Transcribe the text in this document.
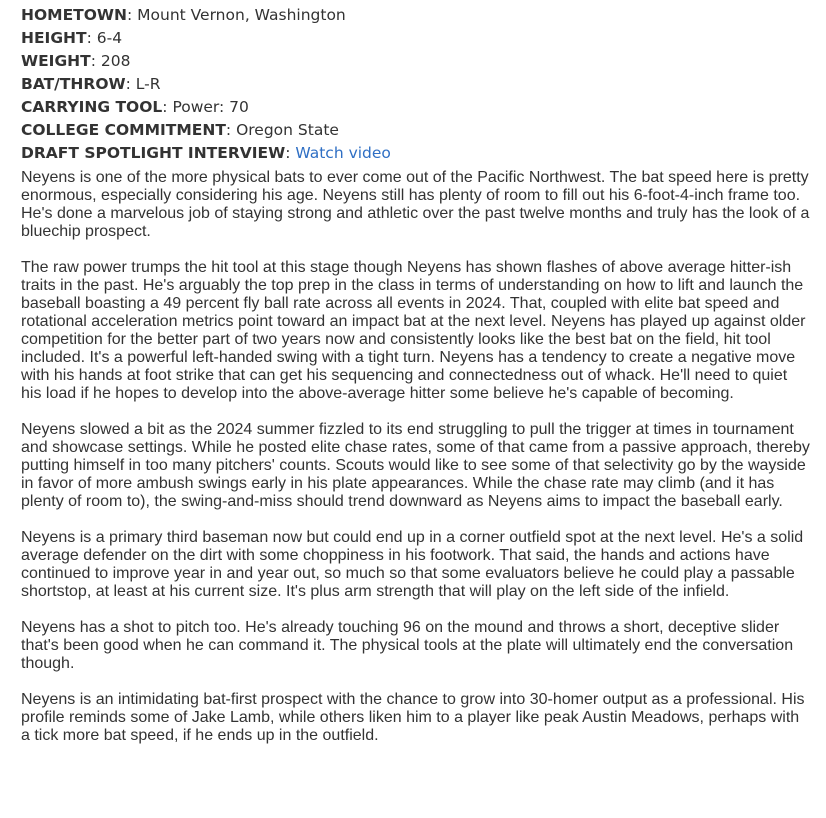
HOMETOWN: Mount Vernon, Washington
HEIGHT: 6-4
WEIGHT: 208
BAT/THROW: L-R
CARRYING TOOL: Power: 70
COLLEGE COMMITMENT: Oregon State
DRAFT SPOTLIGHT INTERVIEW: Watch video

Neyens is one of the more physical bats to ever come out of the Pacific Northwest. The bat speed here is pretty enormous, especially considering his age. Neyens still has plenty of room to fill out his 6-foot-4-inch frame too. He's done a marvelous job of staying strong and athletic over the past twelve months and truly has the look of a bluechip prospect.

The raw power trumps the hit tool at this stage though Neyens has shown flashes of above average hitter-ish traits in the past. He's arguably the top prep in the class in terms of understanding on how to lift and launch the baseball boasting a 49 percent fly ball rate across all events in 2024. That, coupled with elite bat speed and rotational acceleration metrics point toward an impact bat at the next level. Neyens has played up against older competition for the better part of two years now and consistently looks like the best bat on the field, hit tool included. It's a powerful left-handed swing with a tight turn. Neyens has a tendency to create a negative move with his hands at foot strike that can get his sequencing and connectedness out of whack. He'll need to quiet his load if he hopes to develop into the above-average hitter some believe he's capable of becoming.

Neyens slowed a bit as the 2024 summer fizzled to its end struggling to pull the trigger at times in tournament and showcase settings. While he posted elite chase rates, some of that came from a passive approach, thereby putting himself in too many pitchers' counts. Scouts would like to see some of that selectivity go by the wayside in favor of more ambush swings early in his plate appearances. While the chase rate may climb (and it has plenty of room to), the swing-and-miss should trend downward as Neyens aims to impact the baseball early.

Neyens is a primary third baseman now but could end up in a corner outfield spot at the next level. He's a solid average defender on the dirt with some choppiness in his footwork. That said, the hands and actions have continued to improve year in and year out, so much so that some evaluators believe he could play a passable shortstop, at least at his current size. It's plus arm strength that will play on the left side of the infield.

Neyens has a shot to pitch too. He's already touching 96 on the mound and throws a short, deceptive slider that's been good when he can command it. The physical tools at the plate will ultimately end the conversation though.

Neyens is an intimidating bat-first prospect with the chance to grow into 30-homer output as a professional. His profile reminds some of Jake Lamb, while others liken him to a player like peak Austin Meadows, perhaps with a tick more bat speed, if he ends up in the outfield.
